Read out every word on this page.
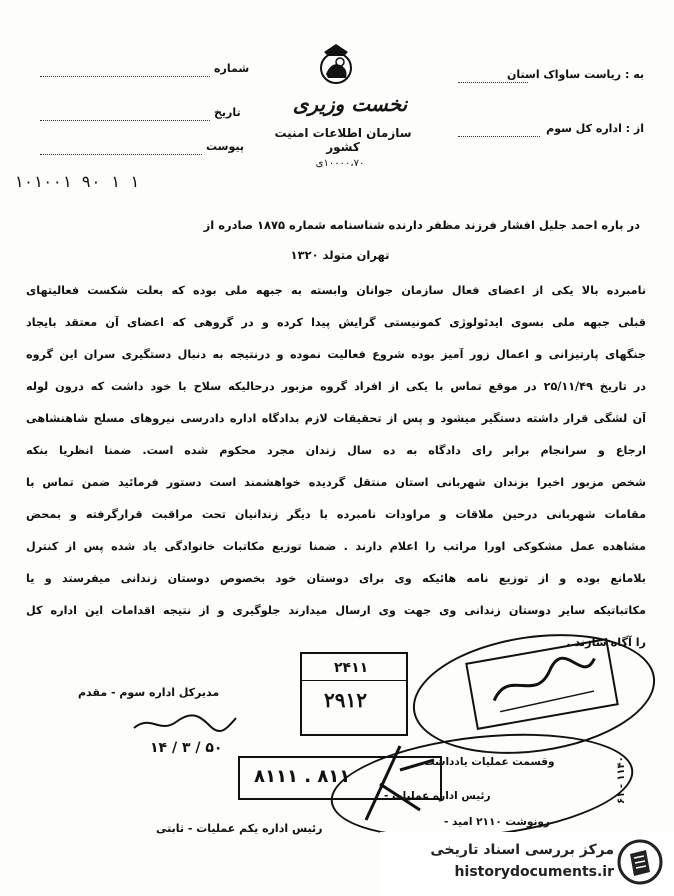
نخست وزیری
سازمان اطلاعات امنیت کشور
۱۰۰۰۰،۷۰ی
شماره
تاریخ
پیوست
۱۰۱۰۰۱ ۹۰ ۱ ۱
به : ریاست ساواک استان
از : اداره کل سوم
در باره احمد جلیل افشار فرزند مظفر دارنده شناسنامه شماره ۱۸۷۵ صادره از
تهران متولد ۱۳۲۰
نامبرده بالا یکی از اعضای فعال سازمان جوانان وابسته به جبهه ملی بوده که بعلت شکست فعالیتهای
قبلی جبهه ملی بسوی ایدئولوژی کمونیستی گرایش پیدا کرده و در گروهی که اعضای آن معتقد بایجاد
جنگهای پارتیزانی و اعمال زور آمیز بوده شروع فعالیت نموده و درنتیجه به دنبال دستگیری سران این گروه
در تاریخ ۲۵/۱۱/۴۹ در موقع تماس با یکی از افراد گروه مزبور درحالیکه سلاح با خود داشت که درون لوله
آن لشگی قرار داشته دستگیر میشود و پس از تحقیقات لازم بدادگاه اداره دادرسی نیروهای مسلح شاهنشاهی
ارجاع و سرانجام برابر رای دادگاه به ده سال زندان مجرد محکوم شده است. ضمنا انظریا بنکه
شخص مزبور اخیرا بزندان شهربانی استان منتقل گردیده خواهشمند است دستور فرمائید ضمن تماس با
مقامات شهربانی درحین ملاقات و مراودات نامبرده با دیگر زندانیان تحت مراقبت قرارگرفته و بمحض
مشاهده عمل مشکوکی اورا مراتب را اعلام دارند . ضمنا توزیع مکاتبات خانوادگی یاد شده پس از کنترل
بلامانع بوده و از توزیع نامه هائیکه وی برای دوستان خود بخصوص دوستان زندانی میفرستد و یا
مکاتباتیکه سایر دوستان زندانی وی جهت وی ارسال میدارند جلوگیری و از نتیجه اقدامات این اداره کل
را آگاه سازند .
مدیرکل اداره سوم - مقدم
۱۴ / ۳ / ۵۰
۲۴۱۱
۲۹۱۲
۸۱۱۱ . ۸۱۱
وقسمت عملیات یادداشت
رئیس اداره عملیات -
رونوشت ۲۱۱۰ امید -
۶۱ - ۱۱۴۰
رئیس اداره یکم عملیات - ثابتی
مرکز بررسی اسناد تاریخی
historydocuments.ir
